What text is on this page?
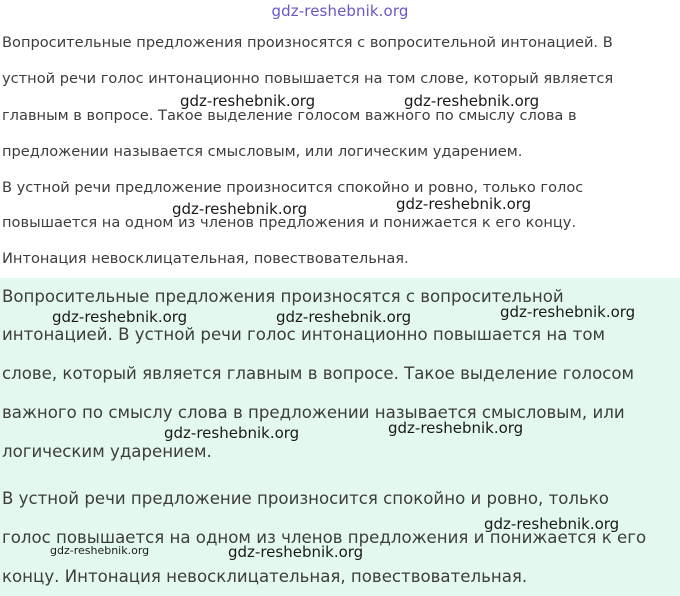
Вопросительные предложения произносятся с вопросительной интонацией. В
устной речи голос интонационно повышается на том слове, который является
главным в вопросе. Такое выделение голосом важного по смыслу слова в
предложении называется смысловым, или логическим ударением.
В устной речи предложение произносится спокойно и ровно, только голос
повышается на одном из членов предложения и понижается к его концу.
Интонация невосклицательная, повествовательная.
Вопросительные предложения произносятся с вопросительной
интонацией. В устной речи голос интонационно повышается на том
слове, который является главным в вопросе. Такое выделение голосом
важного по смыслу слова в предложении называется смысловым, или
логическим ударением.
В устной речи предложение произносится спокойно и ровно, только
голос повышается на одном из членов предложения и понижается к его
концу. Интонация невосклицательная, повествовательная.
gdz-reshebnik.org
gdz-reshebnik.org	gdz-reshebnik.org
gdz-reshebnik.org	gdz-reshebnik.org
gdz-reshebnik.org	gdz-reshebnik.org	gdz-reshebnik.org
gdz-reshebnik.org	gdz-reshebnik.org
gdz-reshebnik.org
gdz-reshebnik.org	gdz-reshebnik.org
